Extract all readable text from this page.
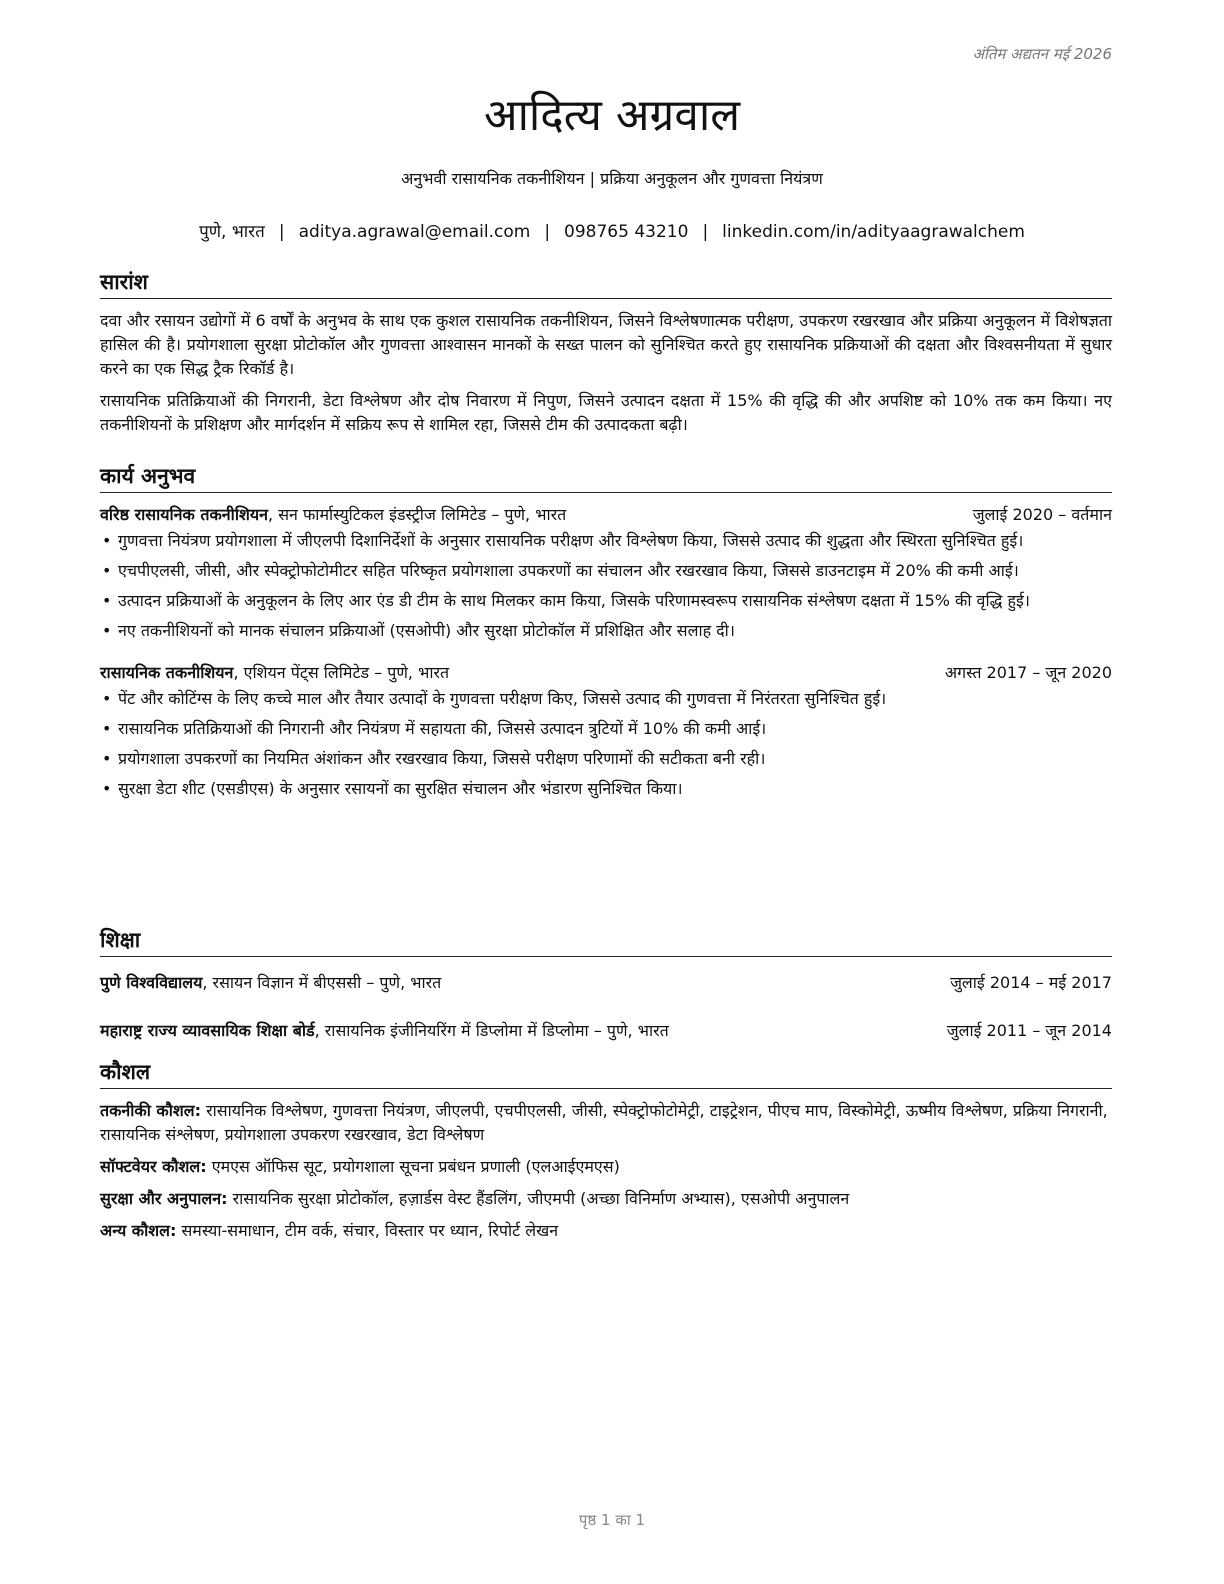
अंतिम अद्यतन मई 2026
आदित्य अग्रवाल
अनुभवी रासायनिक तकनीशियन | प्रक्रिया अनुकूलन और गुणवत्ता नियंत्रण
पुणे, भारत | aditya.agrawal@email.com | 098765 43210 | linkedin.com/in/adityaagrawalchem
सारांश

दवा और रसायन उद्योगों में 6 वर्षों के अनुभव के साथ एक कुशल रासायनिक तकनीशियन, जिसने विश्लेषणात्मक परीक्षण, उपकरण रखरखाव और प्रक्रिया अनुकूलन में विशेषज्ञता हासिल की है। प्रयोगशाला सुरक्षा प्रोटोकॉल और गुणवत्ता आश्वासन मानकों के सख्त पालन को सुनिश्चित करते हुए रासायनिक प्रक्रियाओं की दक्षता और विश्वसनीयता में सुधार करने का एक सिद्ध ट्रैक रिकॉर्ड है।

रासायनिक प्रतिक्रियाओं की निगरानी, डेटा विश्लेषण और दोष निवारण में निपुण, जिसने उत्पादन दक्षता में 15% की वृद्धि की और अपशिष्ट को 10% तक कम किया। नए तकनीशियनों के प्रशिक्षण और मार्गदर्शन में सक्रिय रूप से शामिल रहा, जिससे टीम की उत्पादकता बढ़ी।

कार्य अनुभव
वरिष्ठ रासायनिक तकनीशियन, सन फार्मास्युटिकल इंडस्ट्रीज लिमिटेड – पुणे, भारत	जुलाई 2020 – वर्तमान
• गुणवत्ता नियंत्रण प्रयोगशाला में जीएलपी दिशानिर्देशों के अनुसार रासायनिक परीक्षण और विश्लेषण किया, जिससे उत्पाद की शुद्धता और स्थिरता सुनिश्चित हुई।
• एचपीएलसी, जीसी, और स्पेक्ट्रोफोटोमीटर सहित परिष्कृत प्रयोगशाला उपकरणों का संचालन और रखरखाव किया, जिससे डाउनटाइम में 20% की कमी आई।
• उत्पादन प्रक्रियाओं के अनुकूलन के लिए आर एंड डी टीम के साथ मिलकर काम किया, जिसके परिणामस्वरूप रासायनिक संश्लेषण दक्षता में 15% की वृद्धि हुई।
• नए तकनीशियनों को मानक संचालन प्रक्रियाओं (एसओपी) और सुरक्षा प्रोटोकॉल में प्रशिक्षित और सलाह दी।
रासायनिक तकनीशियन, एशियन पेंट्स लिमिटेड – पुणे, भारत	अगस्त 2017 – जून 2020
• पेंट और कोटिंग्स के लिए कच्चे माल और तैयार उत्पादों के गुणवत्ता परीक्षण किए, जिससे उत्पाद की गुणवत्ता में निरंतरता सुनिश्चित हुई।
• रासायनिक प्रतिक्रियाओं की निगरानी और नियंत्रण में सहायता की, जिससे उत्पादन त्रुटियों में 10% की कमी आई।
• प्रयोगशाला उपकरणों का नियमित अंशांकन और रखरखाव किया, जिससे परीक्षण परिणामों की सटीकता बनी रही।
• सुरक्षा डेटा शीट (एसडीएस) के अनुसार रसायनों का सुरक्षित संचालन और भंडारण सुनिश्चित किया।
शिक्षा
पुणे विश्वविद्यालय, रसायन विज्ञान में बीएससी – पुणे, भारत	जुलाई 2014 – मई 2017
महाराष्ट्र राज्य व्यावसायिक शिक्षा बोर्ड, रासायनिक इंजीनियरिंग में डिप्लोमा में डिप्लोमा – पुणे, भारत	जुलाई 2011 – जून 2014
कौशल
तकनीकी कौशल: रासायनिक विश्लेषण, गुणवत्ता नियंत्रण, जीएलपी, एचपीएलसी, जीसी, स्पेक्ट्रोफोटोमेट्री, टाइट्रेशन, पीएच माप, विस्कोमेट्री, ऊष्मीय विश्लेषण, प्रक्रिया निगरानी, रासायनिक संश्लेषण, प्रयोगशाला उपकरण रखरखाव, डेटा विश्लेषण
सॉफ्टवेयर कौशल: एमएस ऑफिस सूट, प्रयोगशाला सूचना प्रबंधन प्रणाली (एलआईएमएस)
सुरक्षा और अनुपालन: रासायनिक सुरक्षा प्रोटोकॉल, हज़ार्डस वेस्ट हैंडलिंग, जीएमपी (अच्छा विनिर्माण अभ्यास), एसओपी अनुपालन
अन्य कौशल: समस्या-समाधान, टीम वर्क, संचार, विस्तार पर ध्यान, रिपोर्ट लेखन
पृष्ठ 1 का 1
